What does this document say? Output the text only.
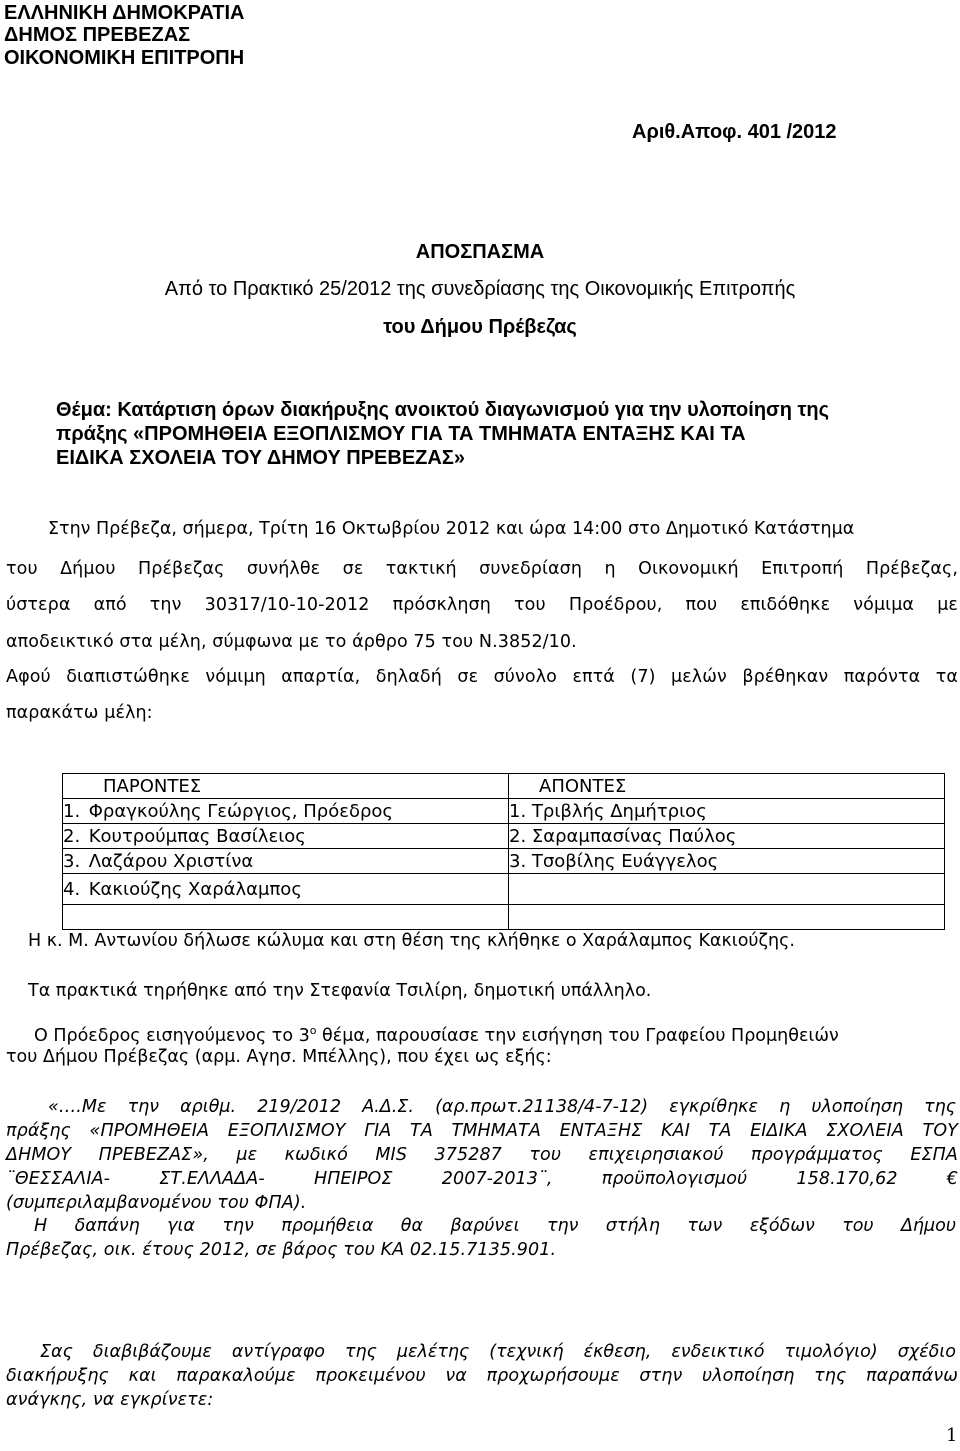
ΕΛΛΗΝΙΚΗ ΔΗΜΟΚΡΑΤΙΑ
ΔΗΜΟΣ ΠΡΕΒΕΖΑΣ
ΟΙΚΟΝΟΜΙΚΗ ΕΠΙΤΡΟΠΗ
Αριθ.Αποφ. 401 /2012
ΑΠΟΣΠΑΣΜΑ
Από το Πρακτικό 25/2012 της συνεδρίασης της Οικονομικής Επιτροπής
του Δήμου Πρέβεζας
Θέμα: Κατάρτιση όρων διακήρυξης ανοικτού διαγωνισμού για την υλοποίηση της
πράξης «ΠΡΟΜΗΘΕΙΑ ΕΞΟΠΛΙΣΜΟΥ ΓΙΑ ΤΑ ΤΜΗΜΑΤΑ ΕΝΤΑΞΗΣ ΚΑΙ ΤΑ
ΕΙΔΙΚΑ ΣΧΟΛΕΙΑ ΤΟΥ ΔΗΜΟΥ ΠΡΕΒΕΖΑΣ»
Στην Πρέβεζα, σήμερα, Τρίτη 16 Οκτωβρίου 2012 και ώρα 14:00 στο Δημοτικό Κατάστημα
του Δήμου Πρέβεζας συνήλθε σε τακτική συνεδρίαση η Οικονομική Επιτροπή Πρέβεζας,
ύστερα από την 30317/10-10-2012 πρόσκληση του Προέδρου, που επιδόθηκε νόμιμα με
αποδεικτικό στα μέλη, σύμφωνα με το άρθρο 75 του Ν.3852/10.
Αφού διαπιστώθηκε νόμιμη απαρτία, δηλαδή σε σύνολο επτά (7) μελών βρέθηκαν παρόντα τα
παρακάτω μέλη:
ΠΑΡΟΝΤΕΣ	ΑΠΟΝΤΕΣ
1. Φραγκούλης Γεώργιος, Πρόεδρος	1. Τριβλής Δημήτριος
2. Κουτρούμπας Βασίλειος	2. Σαραμπασίνας Παύλος
3. Λαζάρου Χριστίνα	3. Τσοβίλης Ευάγγελος
4. Κακιούζης Χαράλαμπος	

Η κ. Μ. Αντωνίου δήλωσε κώλυμα και στη θέση της κλήθηκε ο Χαράλαμπος Κακιούζης.
Τα πρακτικά τηρήθηκε από την Στεφανία Τσιλίρη, δημοτική υπάλληλο.
Ο Πρόεδρος εισηγούμενος το $3^o$ θέμα, παρουσίασε την εισήγηση του Γραφείου Προμηθειών
του Δήμου Πρέβεζας (αρμ. Αγησ. Μπέλλης), που έχει ως εξής:
«….Με την αριθμ. 219/2012 Α.Δ.Σ. (αρ.πρωτ.21138/4-7-12) εγκρίθηκε η υλοποίηση της
πράξης «ΠΡΟΜΗΘΕΙΑ ΕΞΟΠΛΙΣΜΟΥ ΓΙΑ ΤΑ ΤΜΗΜΑΤΑ ΕΝΤΑΞΗΣ ΚΑΙ ΤΑ ΕΙΔΙΚΑ ΣΧΟΛΕΙΑ ΤΟΥ
ΔΗΜΟΥ ΠΡΕΒΕΖΑΣ», με κωδικό MIS 375287 του επιχειρησιακού προγράμματος ΕΣΠΑ
¨ΘΕΣΣΑΛΙΑ- ΣΤ.ΕΛΛΑΔΑ- ΗΠΕΙΡΟΣ 2007-2013¨, προϋπολογισμού 158.170,62 €
(συμπεριλαμβανομένου του ΦΠΑ).
Η δαπάνη για την προμήθεια θα βαρύνει την στήλη των εξόδων του Δήμου
Πρέβεζας, οικ. έτους 2012, σε βάρος του ΚΑ 02.15.7135.901.
Σας διαβιβάζουμε αντίγραφο της μελέτης (τεχνική έκθεση, ενδεικτικό τιμολόγιο) σχέδιο
διακήρυξης και παρακαλούμε προκειμένου να προχωρήσουμε στην υλοποίηση της παραπάνω
ανάγκης, να εγκρίνετε:
1
